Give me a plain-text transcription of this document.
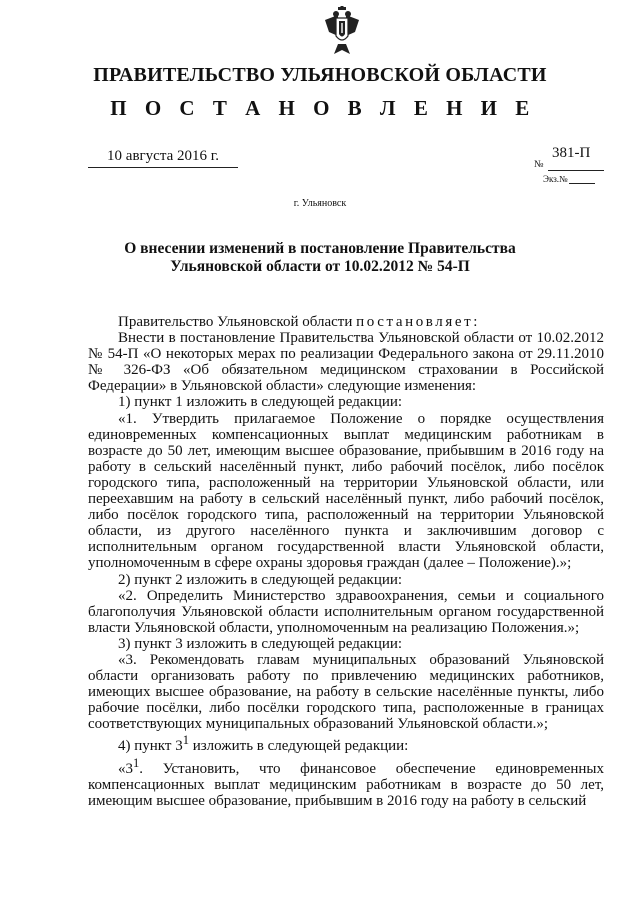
ПРАВИТЕЛЬСТВО УЛЬЯНОВСКОЙ ОБЛАСТИ
П О С Т А Н О В Л Е Н И Е
10 августа 2016 г.	381-П
№
Экз.№
г. Ульяновск
О внесении изменений в постановление Правительства
Ульяновской области от 10.02.2012 № 54-П

Правительство Ульяновской области постановляет:

Внести в постановление Правительства Ульяновской области от 10.02.2012 № 54-П «О некоторых мерах по реализации Федерального закона от 29.11.2010 № 326-ФЗ «Об обязательном медицинском страховании в Российской Федерации» в Ульяновской области» следующие изменения:

1) пункт 1 изложить в следующей редакции:

«1. Утвердить прилагаемое Положение о порядке осуществления единовременных компенсационных выплат медицинским работникам в возрасте до 50 лет, имеющим высшее образование, прибывшим в 2016 году на работу в сельский населённый пункт, либо рабочий посёлок, либо посёлок городского типа, расположенный на территории Ульяновской области, или переехавшим на работу в сельский населённый пункт, либо рабочий посёлок, либо посёлок городского типа, расположенный на территории Ульяновской области, из другого населённого пункта и заключившим договор с исполнительным органом государственной власти Ульяновской области, уполномоченным в сфере охраны здоровья граждан (далее – Положение).»;

2) пункт 2 изложить в следующей редакции:

«2. Определить Министерство здравоохранения, семьи и социального благополучия Ульяновской области исполнительным органом государственной власти Ульяновской области, уполномоченным на реализацию Положения.»;

3) пункт 3 изложить в следующей редакции:

«3. Рекомендовать главам муниципальных образований Ульяновской области организовать работу по привлечению медицинских работников, имеющих высшее образование, на работу в сельские населённые пункты, либо рабочие посёлки, либо посёлки городского типа, расположенные в границах соответствующих муниципальных образований Ульяновской области.»;

4) пункт $3^1$ изложить в следующей редакции:

«$3^1$. Установить, что финансовое обеспечение единовременных компенсационных выплат медицинским работникам в возрасте до 50 лет, имеющим высшее образование, прибывшим в 2016 году на работу в сельский
